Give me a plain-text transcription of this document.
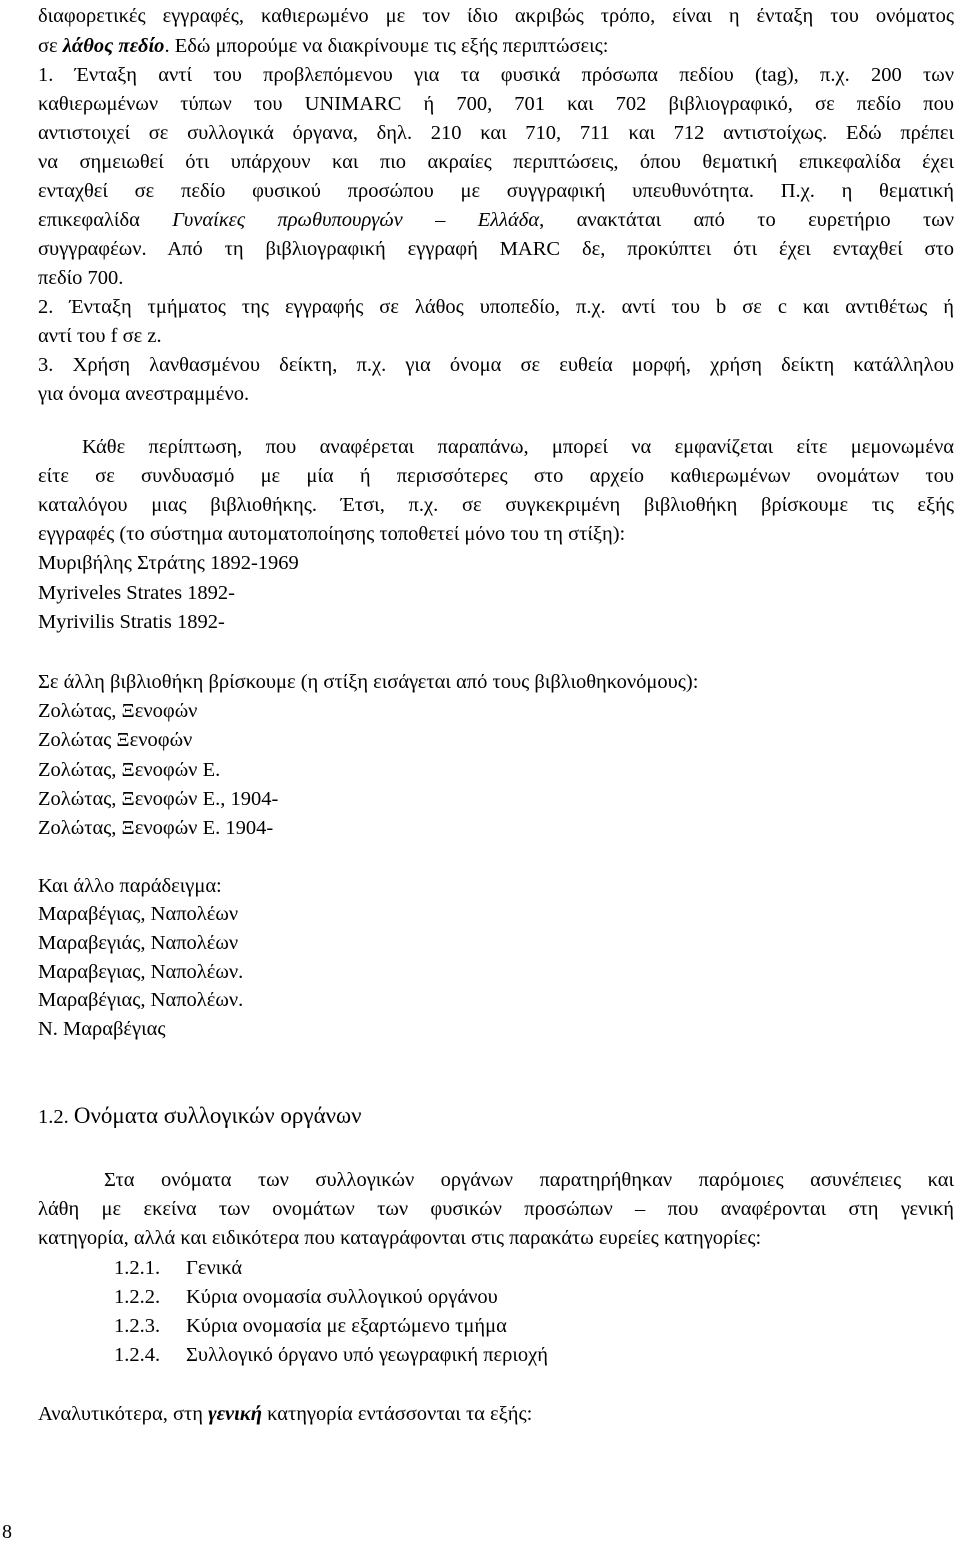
διαφορετικές εγγραφές, καθιερωμένο με τον ίδιο ακριβώς τρόπο, είναι η ένταξη του ονόματος
σε λάθος πεδίο. Εδώ μπορούμε να διακρίνουμε τις εξής περιπτώσεις:
1. Ένταξη αντί του προβλεπόμενου για τα φυσικά πρόσωπα πεδίου (tag), π.χ. 200 των
καθιερωμένων τύπων του UNIMARC ή 700, 701 και 702 βιβλιογραφικό, σε πεδίο που
αντιστοιχεί σε συλλογικά όργανα, δηλ. 210 και 710, 711 και 712 αντιστοίχως. Εδώ πρέπει
να σημειωθεί ότι υπάρχουν και πιο ακραίες περιπτώσεις, όπου θεματική επικεφαλίδα έχει
ενταχθεί σε πεδίο φυσικού προσώπου με συγγραφική υπευθυνότητα. Π.χ. η θεματική
επικεφαλίδα Γυναίκες πρωθυπουργών – Ελλάδα, ανακτάται από το ευρετήριο των
συγγραφέων. Από τη βιβλιογραφική εγγραφή MARC δε, προκύπτει ότι έχει ενταχθεί στο
πεδίο 700.
2. Ένταξη τμήματος της εγγραφής σε λάθος υποπεδίο, π.χ. αντί του b σε c και αντιθέτως ή
αντί του f σε z.
3. Χρήση λανθασμένου δείκτη, π.χ. για όνομα σε ευθεία μορφή, χρήση δείκτη κατάλληλου
για όνομα ανεστραμμένο.
Κάθε περίπτωση, που αναφέρεται παραπάνω, μπορεί να εμφανίζεται είτε μεμονωμένα
είτε σε συνδυασμό με μία ή περισσότερες στο αρχείο καθιερωμένων ονομάτων του
καταλόγου μιας βιβλιοθήκης. Έτσι, π.χ. σε συγκεκριμένη βιβλιοθήκη βρίσκουμε τις εξής
εγγραφές (το σύστημα αυτοματοποίησης τοποθετεί μόνο του τη στίξη):
Μυριβήλης Στράτης 1892-1969
Myriveles Strates 1892-
Myrivilis Stratis 1892-
Σε άλλη βιβλιοθήκη βρίσκουμε (η στίξη εισάγεται από τους βιβλιοθηκονόμους):
Ζολώτας, Ξενοφών
Ζολώτας Ξενοφών
Ζολώτας, Ξενοφών Ε.
Ζολώτας, Ξενοφών Ε., 1904-
Ζολώτας, Ξενοφών Ε. 1904-
Και άλλο παράδειγμα:
Μαραβέγιας, Ναπολέων
Μαραβεγιάς, Ναπολέων
Μαραβεγιας, Ναπολέων.
Μαραβέγιας, Ναπολέων.
Ν. Μαραβέγιας
1.2. Ονόματα συλλογικών οργάνων
Στα ονόματα των συλλογικών οργάνων παρατηρήθηκαν παρόμοιες ασυνέπειες και
λάθη με εκείνα των ονομάτων των φυσικών προσώπων – που αναφέρονται στη γενική
κατηγορία, αλλά και ειδικότερα που καταγράφονται στις παρακάτω ευρείες κατηγορίες:
1.2.1. Γενικά
1.2.2. Κύρια ονομασία συλλογικού οργάνου
1.2.3. Κύρια ονομασία με εξαρτώμενο τμήμα
1.2.4. Συλλογικό όργανο υπό γεωγραφική περιοχή
Αναλυτικότερα, στη γενική κατηγορία εντάσσονται τα εξής:
8
